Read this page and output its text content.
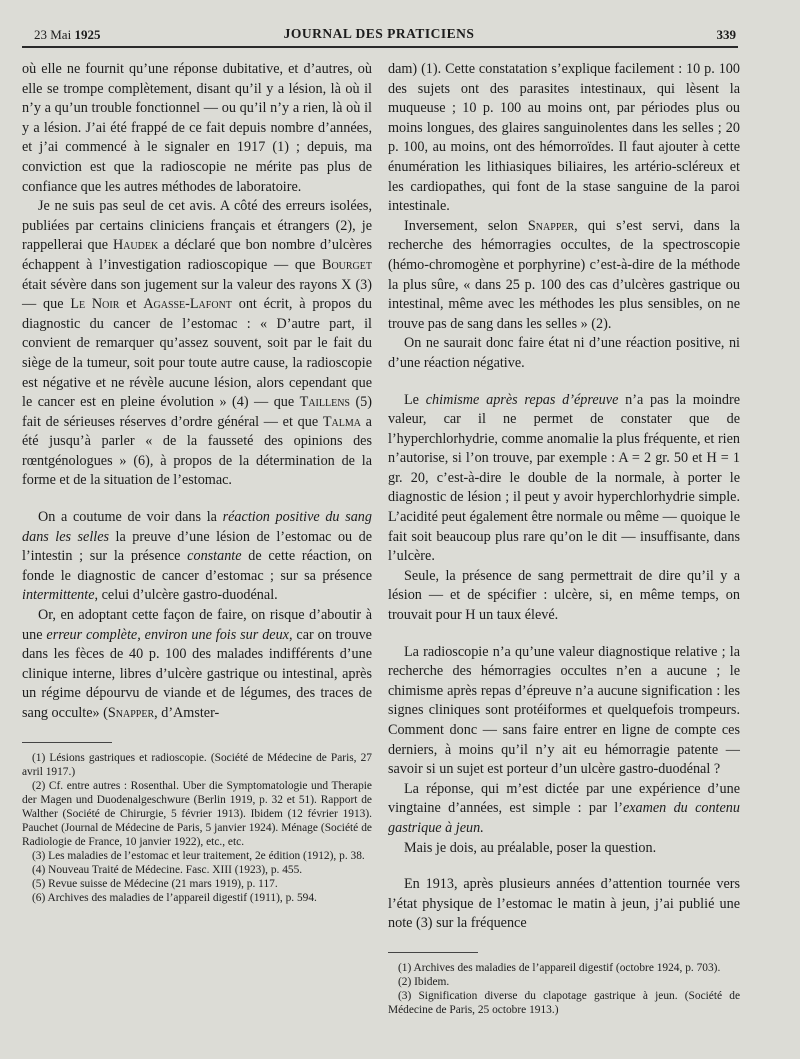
23 Mai 1925	JOURNAL DES PRATICIENS	339

où elle ne fournit qu’une réponse dubitative, et d’autres, où elle se trompe complètement, disant qu’il y a lésion, là où il n’y a qu’un trouble fonctionnel — ou qu’il n’y a rien, là où il y a lésion. J’ai été frappé de ce fait depuis nombre d’années, et j’ai commencé à le signaler en 1917 (1) ; depuis, ma conviction est que la radioscopie ne mérite pas plus de confiance que les autres méthodes de laboratoire.

Je ne suis pas seul de cet avis. A côté des erreurs isolées, publiées par certains cliniciens français et étrangers (2), je rappellerai que Haudek a déclaré que bon nombre d’ulcères échappent à l’investigation radioscopique — que Bourget était sévère dans son jugement sur la valeur des rayons X (3) — que Le Noir et Agasse-Lafont ont écrit, à propos du diagnostic du cancer de l’estomac : « D’autre part, il convient de remarquer qu’assez souvent, soit par le fait du siège de la tumeur, soit pour toute autre cause, la radioscopie est négative et ne révèle aucune lésion, alors cependant que le cancer est en pleine évolution » (4) — que Taillens (5) fait de sérieuses réserves d’ordre général — et que Talma a été jusqu’à parler « de la fausseté des opinions des rœntgénologues » (6), à propos de la détermination de la forme et de la situation de l’estomac.

On a coutume de voir dans la réaction positive du sang dans les selles la preuve d’une lésion de l’estomac ou de l’intestin ; sur la présence constante de cette réaction, on fonde le diagnostic de cancer d’estomac ; sur sa présence intermittente, celui d’ulcère gastro-duodénal.

Or, en adoptant cette façon de faire, on risque d’aboutir à une erreur complète, environ une fois sur deux, car on trouve dans les fèces de 40 p. 100 des malades indifférents d’une clinique interne, libres d’ulcère gastrique ou intestinal, après un régime dépourvu de viande et de légumes, des traces de sang occulte» (Snapper, d’Amster-

(1) Lésions gastriques et radioscopie. (Société de Médecine de Paris, 27 avril 1917.)

(2) Cf. entre autres : Rosenthal. Uber die Symptomatologie und Therapie der Magen und Duodenalgeschwure (Berlin 1919, p. 32 et 51). Rapport de Walther (Société de Chirurgie, 5 février 1913). Ibidem (12 février 1913). Pauchet (Journal de Médecine de Paris, 5 janvier 1924). Ménage (Société de Radiologie de France, 10 janvier 1922), etc., etc.

(3) Les maladies de l’estomac et leur traitement, 2e édition (1912), p. 38.

(4) Nouveau Traité de Médecine. Fasc. XIII (1923), p. 455.

(5) Revue suisse de Médecine (21 mars 1919), p. 117.

(6) Archives des maladies de l’appareil digestif (1911), p. 594.

dam) (1). Cette constatation s’explique facilement : 10 p. 100 des sujets ont des parasites intestinaux, qui lèsent la muqueuse ; 10 p. 100 au moins ont, par périodes plus ou moins longues, des glaires sanguinolentes dans les selles ; 20 p. 100, au moins, ont des hémorroïdes. Il faut ajouter à cette énumération les lithiasiques biliaires, les artério-scléreux et les cardiopathes, qui font de la stase sanguine de la paroi intestinale.

Inversement, selon Snapper, qui s’est servi, dans la recherche des hémorragies occultes, de la spectroscopie (hémo-chromogène et porphyrine) c’est-à-dire de la méthode la plus sûre, « dans 25 p. 100 des cas d’ulcères gastrique ou intestinal, même avec les méthodes les plus sensibles, on ne trouve pas de sang dans les selles » (2).

On ne saurait donc faire état ni d’une réaction positive, ni d’une réaction négative.

Le chimisme après repas d’épreuve n’a pas la moindre valeur, car il ne permet de constater que de l’hyperchlorhydrie, comme anomalie la plus fréquente, et rien n’autorise, si l’on trouve, par exemple : A = 2 gr. 50 et H = 1 gr. 20, c’est-à-dire le double de la normale, à porter le diagnostic de lésion ; il peut y avoir hyperchlorhydrie simple. L’acidité peut également être normale ou même — quoique le fait soit beaucoup plus rare qu’on le dit — insuffisante, dans l’ulcère.

Seule, la présence de sang permettrait de dire qu’il y a lésion — et de spécifier : ulcère, si, en même temps, on trouvait pour H un taux élevé.

La radioscopie n’a qu’une valeur diagnostique relative ; la recherche des hémorragies occultes n’en a aucune ; le chimisme après repas d’épreuve n’a aucune signification : les signes cliniques sont protéiformes et quelquefois trompeurs. Comment donc — sans faire entrer en ligne de compte ces derniers, à moins qu’il n’y ait eu hémorragie patente — savoir si un sujet est porteur d’un ulcère gastro-duodénal ?

La réponse, qui m’est dictée par une expérience d’une vingtaine d’années, est simple : par l’examen du contenu gastrique à jeun.

Mais je dois, au préalable, poser la question.

En 1913, après plusieurs années d’attention tournée vers l’état physique de l’estomac le matin à jeun, j’ai publié une note (3) sur la fréquence

(1) Archives des maladies de l’appareil digestif (octobre 1924, p. 703).

(2) Ibidem.

(3) Signification diverse du clapotage gastrique à jeun. (Société de Médecine de Paris, 25 octobre 1913.)
